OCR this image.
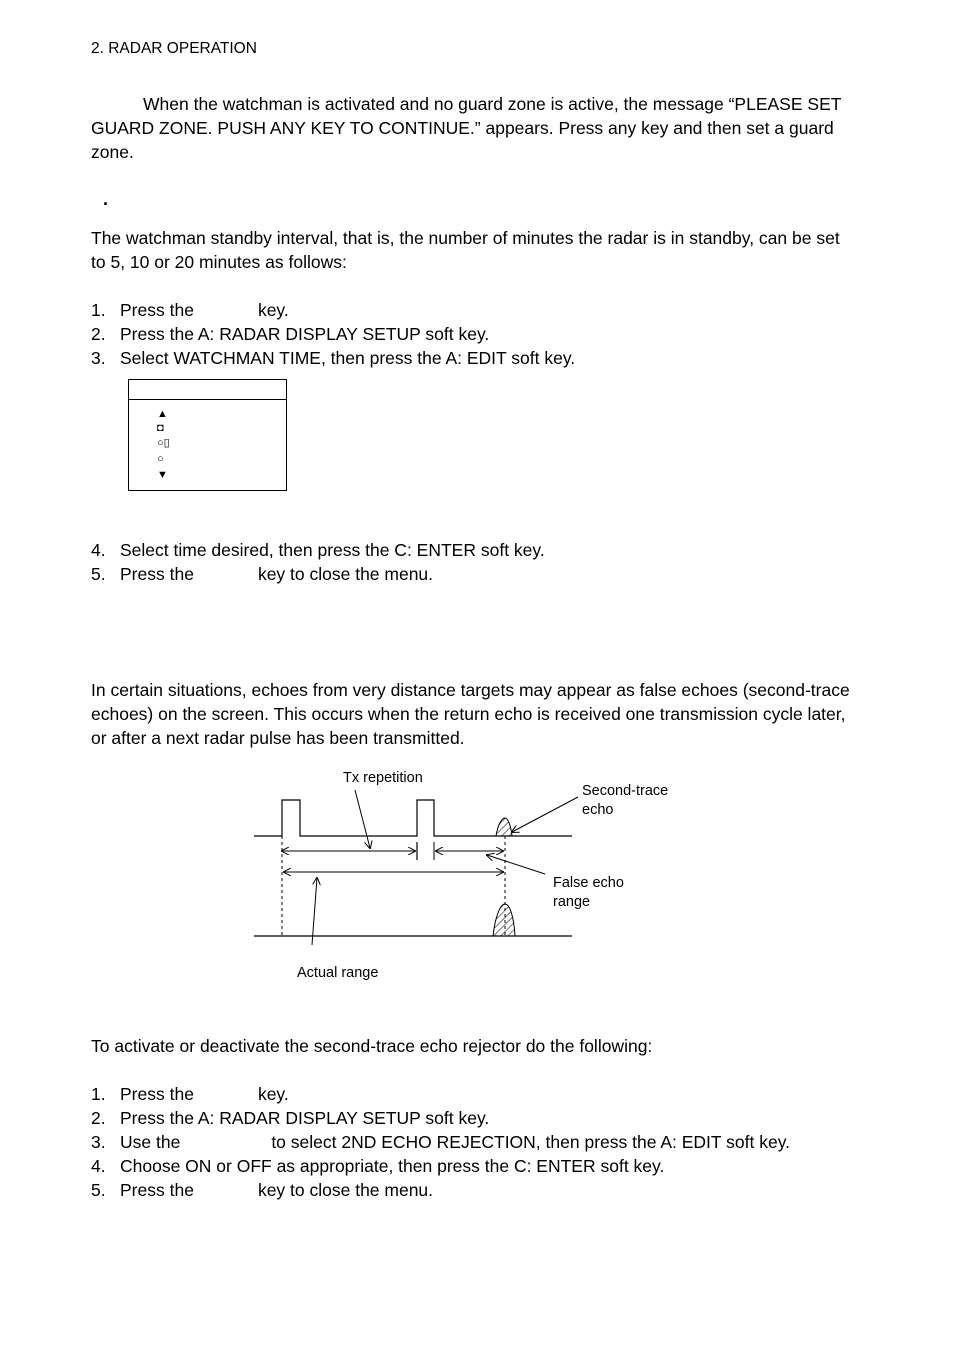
2. RADAR OPERATION
When the watchman is activated and no guard zone is active, the message “PLEASE SET GUARD ZONE. PUSH ANY KEY TO CONTINUE.” appears. Press any key and then set a guard zone.
.
The watchman standby interval, that is, the number of minutes the radar is in standby, can be set to 5, 10 or 20 minutes as follows:
1. Press the	key.
2. Press the A: RADAR DISPLAY SETUP soft key.
3. Select WATCHMAN TIME, then press the A: EDIT soft key.
▲
◘
○▯
○
▼
4. Select time desired, then press the C: ENTER soft key.
5. Press the	key to close the menu.
In certain situations, echoes from very distance targets may appear as false echoes (second-trace echoes) on the screen. This occurs when the return echo is received one transmission cycle later, or after a next radar pulse has been transmitted.
Tx repetition
Second-trace
echo
False echo
range
Actual range
To activate or deactivate the second-trace echo rejector do the following:
1. Press the	key.
2. Press the A: RADAR DISPLAY SETUP soft key.
3. Use the	to select 2ND ECHO REJECTION, then press the A: EDIT soft key.
4. Choose ON or OFF as appropriate, then press the C: ENTER soft key.
5. Press the	key to close the menu.
